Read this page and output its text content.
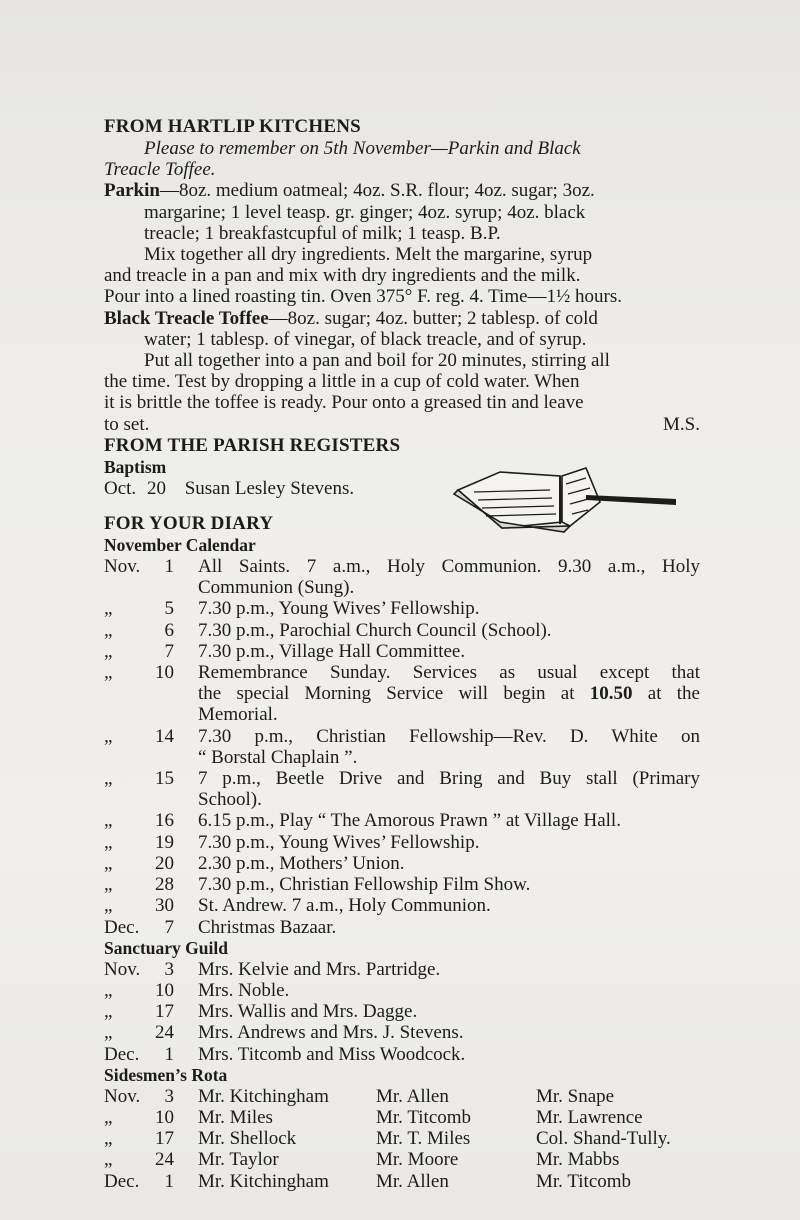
FROM HARTLIP KITCHENS
Please to remember on 5th November—Parkin and Black
Treacle Toffee.
Parkin—8oz. medium oatmeal; 4oz. S.R. flour; 4oz. sugar; 3oz.
margarine; 1 level teasp. gr. ginger; 4oz. syrup; 4oz. black
treacle; 1 breakfastcupful of milk; 1 teasp. B.P.
Mix together all dry ingredients. Melt the margarine, syrup
and treacle in a pan and mix with dry ingredients and the milk.
Pour into a lined roasting tin. Oven 375° F. reg. 4. Time—1½ hours.
Black Treacle Toffee—8oz. sugar; 4oz. butter; 2 tablesp. of cold
water; 1 tablesp. of vinegar, of black treacle, and of syrup.
Put all together into a pan and boil for 20 minutes, stirring all
the time. Test by dropping a little in a cup of cold water. When
it is brittle the toffee is ready. Pour onto a greased tin and leave
to set.	M.S.
FROM THE PARISH REGISTERS
Baptism
Oct. 20 Susan Lesley Stevens.
FOR YOUR DIARY
November Calendar
Nov.	1	All Saints. 7 a.m., Holy Communion. 9.30 a.m., Holy
Communion (Sung).
„	5	7.30 p.m., Young Wives’ Fellowship.
„	6	7.30 p.m., Parochial Church Council (School).
„	7	7.30 p.m., Village Hall Committee.
„	10	Remembrance Sunday. Services as usual except that
the special Morning Service will begin at 10.50 at the
Memorial.
„	14	7.30 p.m., Christian Fellowship—Rev. D. White on
“ Borstal Chaplain ”.
„	15	7 p.m., Beetle Drive and Bring and Buy stall (Primary
School).
„	16	6.15 p.m., Play “ The Amorous Prawn ” at Village Hall.
„	19	7.30 p.m., Young Wives’ Fellowship.
„	20	2.30 p.m., Mothers’ Union.
„	28	7.30 p.m., Christian Fellowship Film Show.
„	30	St. Andrew. 7 a.m., Holy Communion.
Dec.	7	Christmas Bazaar.
Sanctuary Guild
Nov.	3	Mrs. Kelvie and Mrs. Partridge.
„	10	Mrs. Noble.
„	17	Mrs. Wallis and Mrs. Dagge.
„	24	Mrs. Andrews and Mrs. J. Stevens.
Dec.	1	Mrs. Titcomb and Miss Woodcock.
Sidesmen’s Rota
Nov.	3	Mr. Kitchingham	Mr. Allen	Mr. Snape
„	10	Mr. Miles	Mr. Titcomb	Mr. Lawrence
„	17	Mr. Shellock	Mr. T. Miles	Col. Shand-Tully.
„	24	Mr. Taylor	Mr. Moore	Mr. Mabbs
Dec.	1	Mr. Kitchingham	Mr. Allen	Mr. Titcomb
